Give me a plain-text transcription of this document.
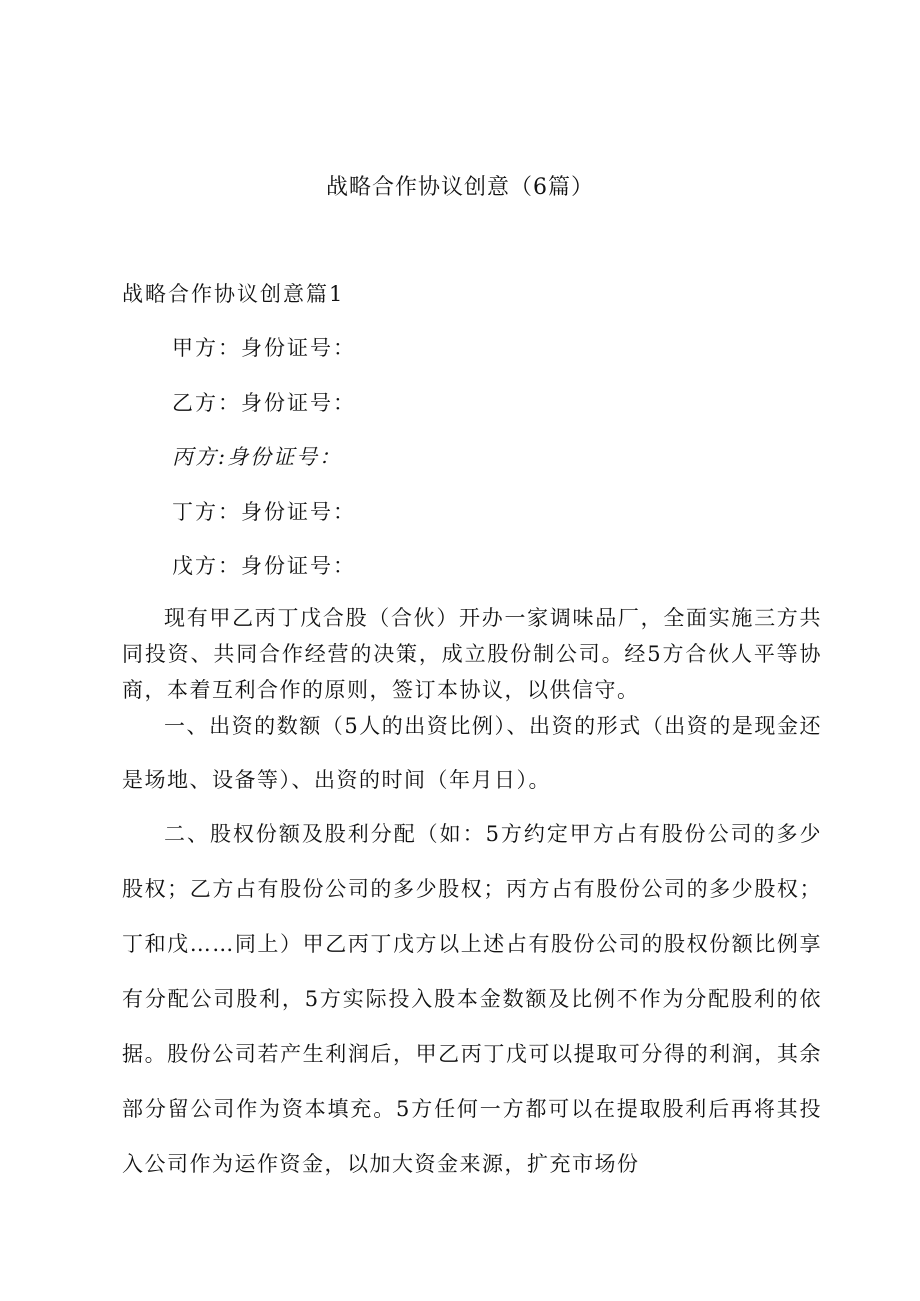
战略合作协议创意（6篇）
战略合作协议创意篇1
甲方：身份证号：
乙方：身份证号：
丙方:身份证号：
丁方：身份证号：
戊方：身份证号：
现有甲乙丙丁戊合股（合伙）开办一家调味品厂，全面实施三方共同投资、共同合作经营的决策，成立股份制公司。经5方合伙人平等协商，本着互利合作的原则，签订本协议，以供信守。
一、出资的数额（5人的出资比例）、出资的形式（出资的是现金还是场地、设备等）、出资的时间（年月日）。
二、股权份额及股利分配（如：5方约定甲方占有股份公司的多少股权；乙方占有股份公司的多少股权；丙方占有股份公司的多少股权；丁和戊……同上）甲乙丙丁戊方以上述占有股份公司的股权份额比例享有分配公司股利，5方实际投入股本金数额及比例不作为分配股利的依据。股份公司若产生利润后，甲乙丙丁戊可以提取可分得的利润，其余部分留公司作为资本填充。5方任何一方都可以在提取股利后再将其投入公司作为运作资金，以加大资金来源，扩充市场份
